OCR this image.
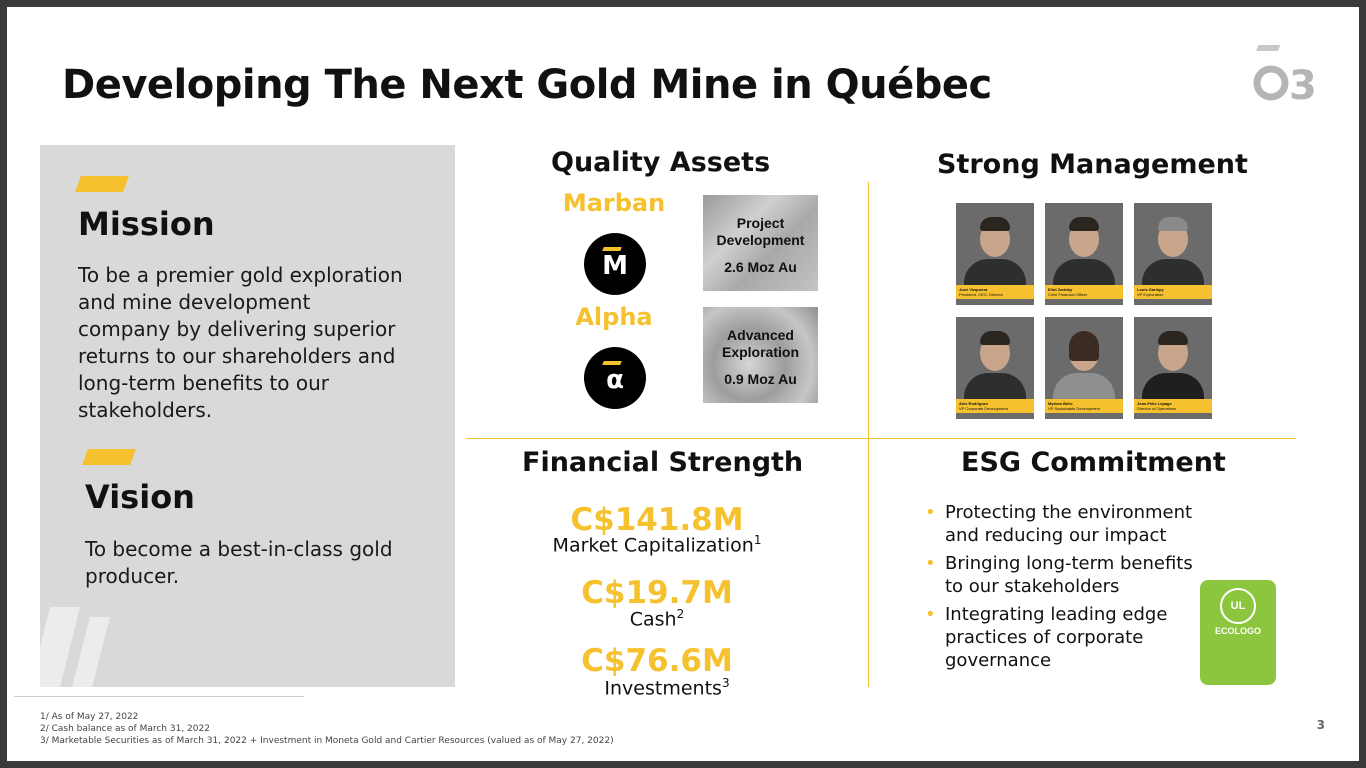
Developing The Next Gold Mine in Québec	3
Mission

To be a premier gold exploration
and mine development
company by delivering superior
returns to our shareholders and
long-term benefits to our
stakeholders.

Vision

To become a best-in-class gold
producer.

Quality Assets
Marban
M
Project
Development
2.6 Moz Au
Alpha
α
Advanced
Exploration
0.9 Moz Au
Strong Management
José Vizquerra
President, CEO, Director
Eliot Zarbiby
Chief Financial Officer
Louis Gariépy
VP Exploration
Alex Rodriguez
VP Corporate Development
Myriam Bélic
VP Sustainable Development
Jean-Félix Lepage
Director of Operations
Financial Strength
C$141.8M
Market Capitalization$^1$
C$19.7M
Cash$^2$
C$76.6M
Investments$^3$
ESG Commitment
• Protecting the environment
and reducing our impact
• Bringing long-term benefits
to our stakeholders
• Integrating leading edge
practices of corporate
governance
UL
ECOLOGO
1/ As of May 27, 2022
2/ Cash balance as of March 31, 2022
3/ Marketable Securities as of March 31, 2022 + Investment in Moneta Gold and Cartier Resources (valued as of May 27, 2022)
3
